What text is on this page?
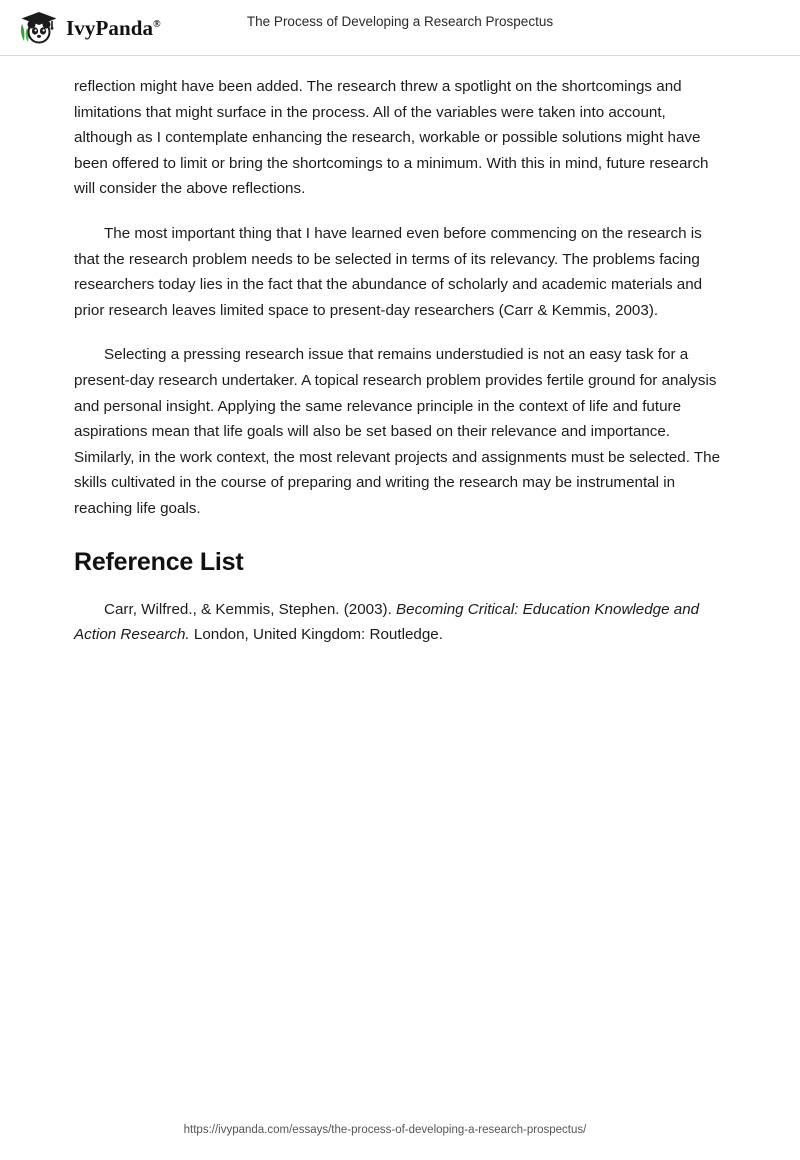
IvyPanda®	The Process of Developing a Research Prospectus

reflection might have been added. The research threw a spotlight on the shortcomings and limitations that might surface in the process. All of the variables were taken into account, although as I contemplate enhancing the research, workable or possible solutions might have been offered to limit or bring the shortcomings to a minimum. With this in mind, future research will consider the above reflections.

The most important thing that I have learned even before commencing on the research is that the research problem needs to be selected in terms of its relevancy. The problems facing researchers today lies in the fact that the abundance of scholarly and academic materials and prior research leaves limited space to present-day researchers (Carr & Kemmis, 2003).

Selecting a pressing research issue that remains understudied is not an easy task for a present-day research undertaker. A topical research problem provides fertile ground for analysis and personal insight. Applying the same relevance principle in the context of life and future aspirations mean that life goals will also be set based on their relevance and importance. Similarly, in the work context, the most relevant projects and assignments must be selected. The skills cultivated in the course of preparing and writing the research may be instrumental in reaching life goals.

Reference List

Carr, Wilfred., & Kemmis, Stephen. (2003). Becoming Critical: Education Knowledge and Action Research. London, United Kingdom: Routledge.

https://ivypanda.com/essays/the-process-of-developing-a-research-prospectus/
